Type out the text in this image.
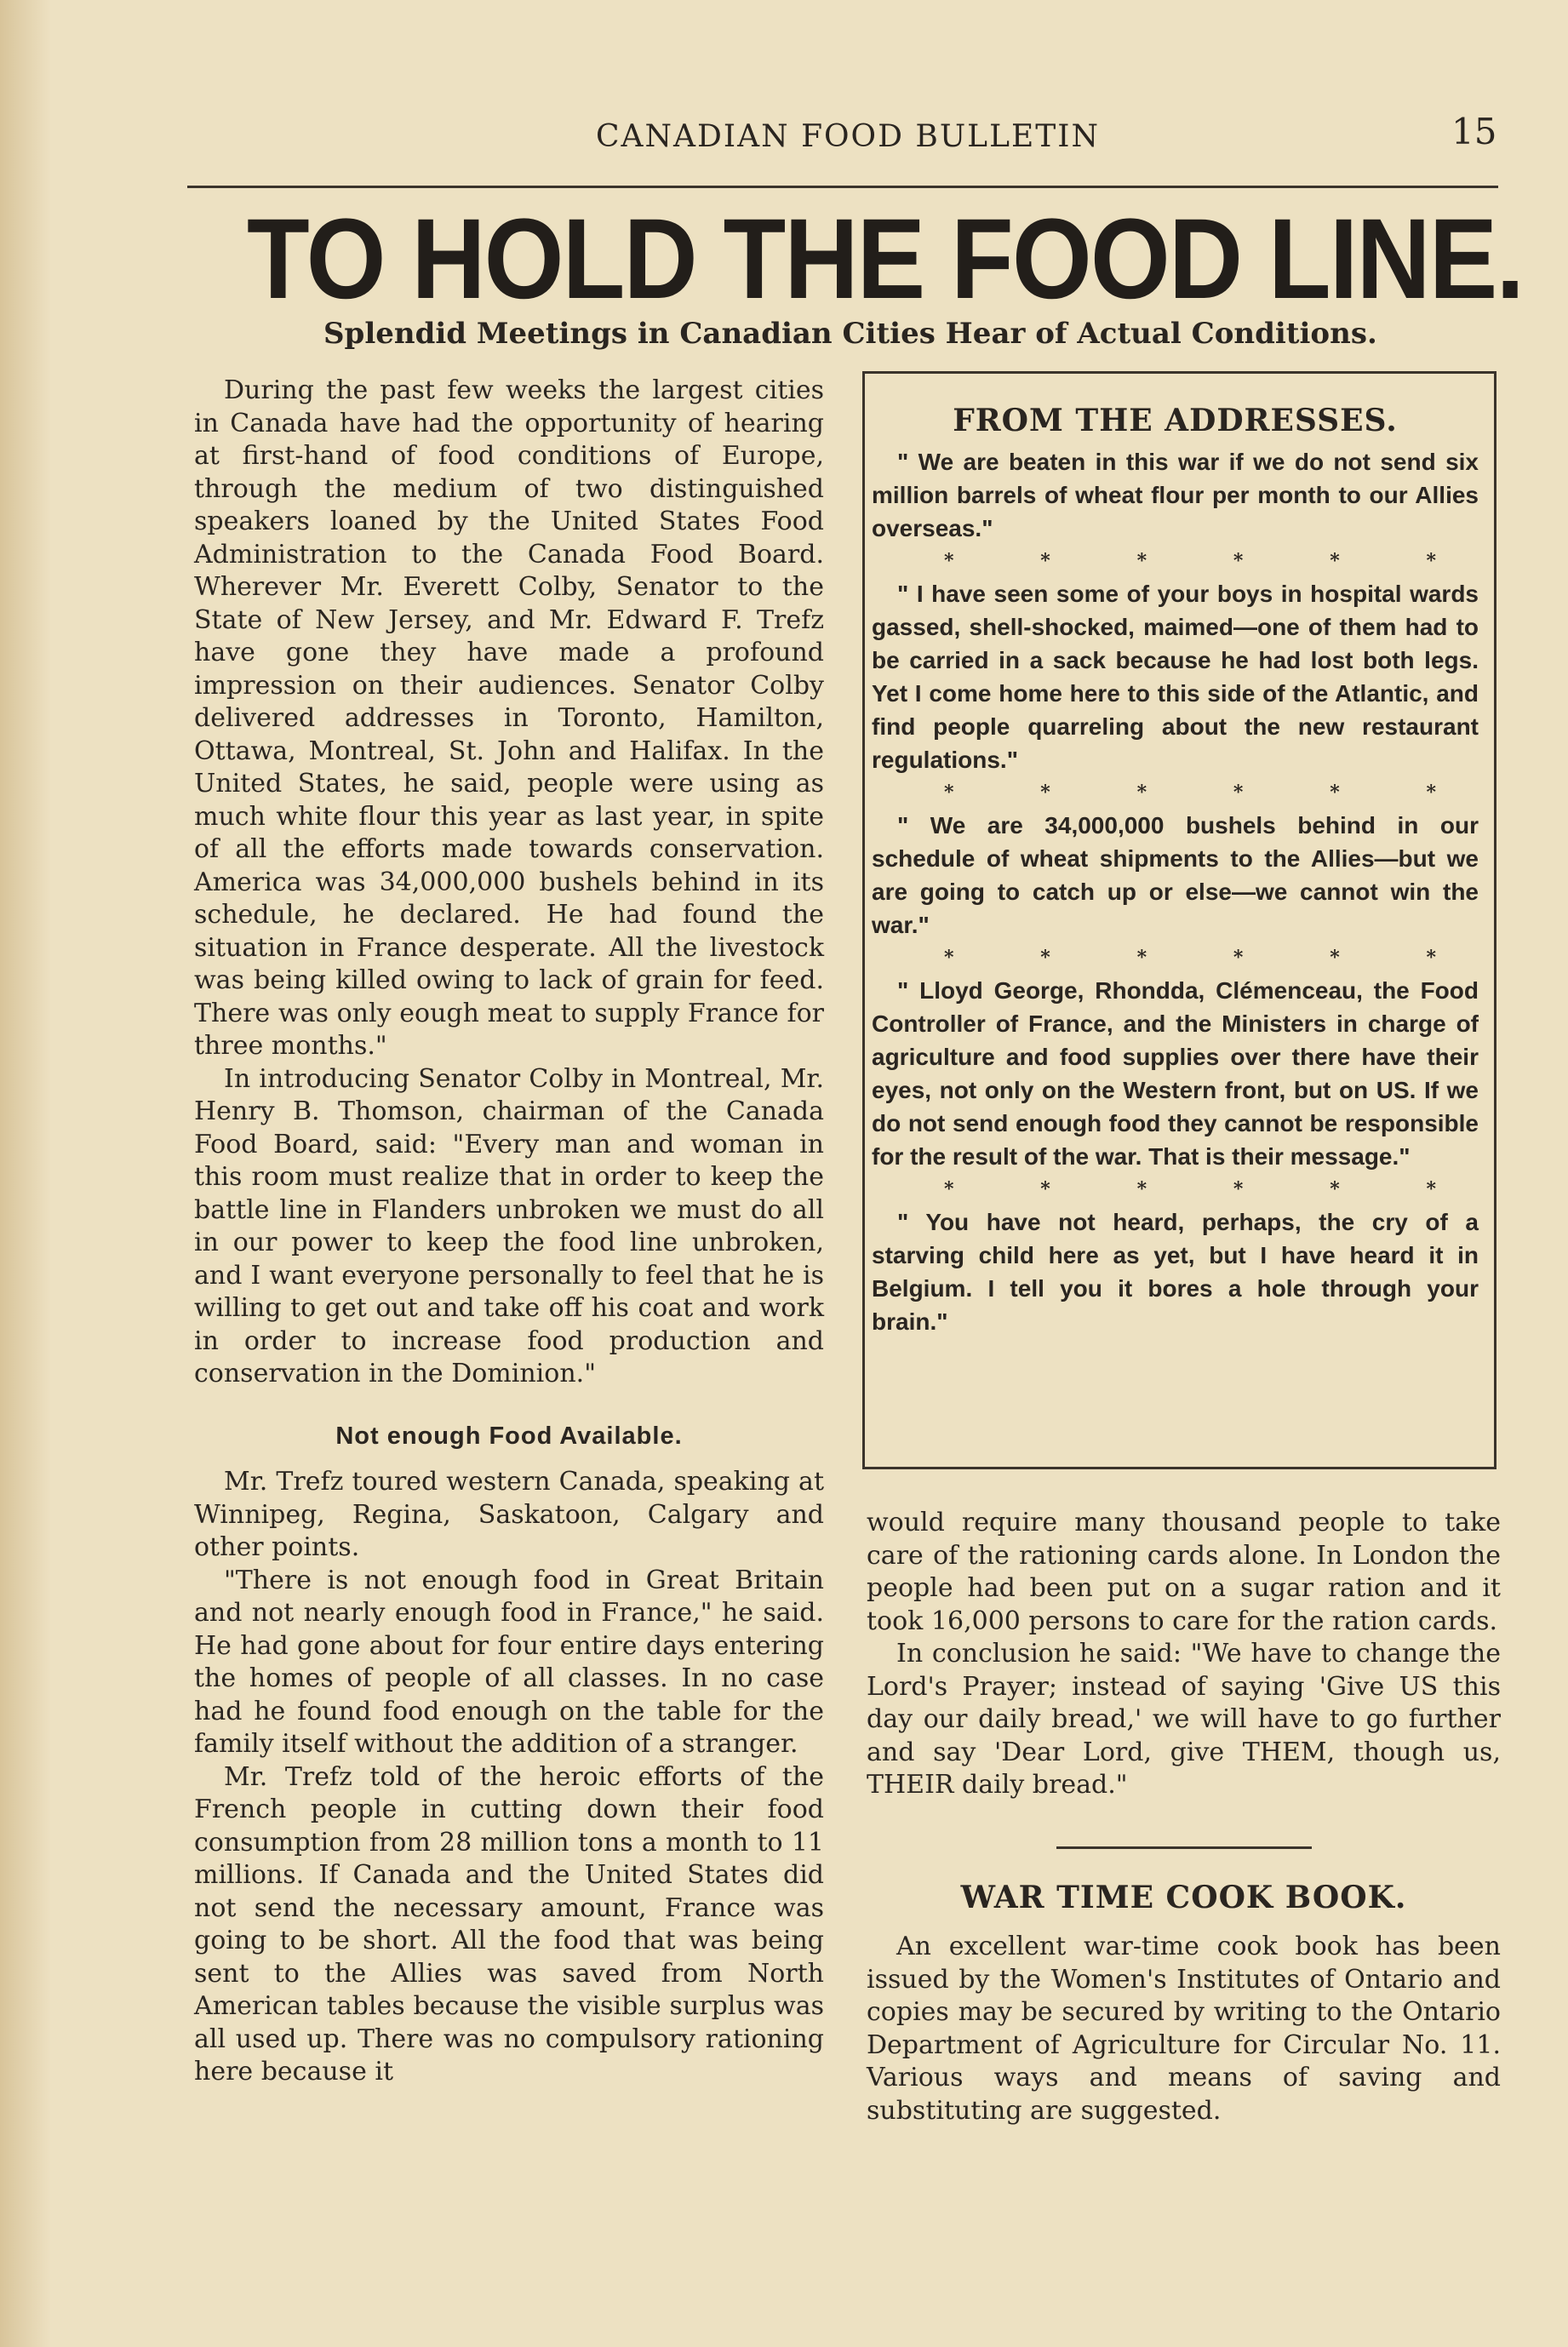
CANADIAN FOOD BULLETIN	15
TO HOLD THE FOOD LINE.
Splendid Meetings in Canadian Cities Hear of Actual Conditions.

During the past few weeks the largest cities in Canada have had the opportunity of hearing at first-hand of food conditions of Europe, through the medium of two distinguished speakers loaned by the United States Food Administration to the Canada Food Board. Wherever Mr. Everett Colby, Senator to the State of New Jersey, and Mr. Edward F. Trefz have gone they have made a profound impression on their audiences. Senator Colby delivered addresses in Toronto, Hamilton, Ottawa, Montreal, St. John and Halifax. In the United States, he said, people were using as much white flour this year as last year, in spite of all the efforts made towards conservation. America was 34,000,000 bushels behind in its schedule, he declared. He had found the situation in France desperate. All the livestock was being killed owing to lack of grain for feed. There was only eough meat to supply France for three months."

In introducing Senator Colby in Montreal, Mr. Henry B. Thomson, chairman of the Canada Food Board, said: "Every man and woman in this room must realize that in order to keep the battle line in Flanders unbroken we must do all in our power to keep the food line unbroken, and I want everyone personally to feel that he is willing to get out and take off his coat and work in order to increase food production and conservation in the Dominion."

Not enough Food Available.

Mr. Trefz toured western Canada, speaking at Winnipeg, Regina, Saskatoon, Calgary and other points.

"There is not enough food in Great Britain and not nearly enough food in France," he said. He had gone about for four entire days entering the homes of people of all classes. In no case had he found food enough on the table for the family itself without the addition of a stranger.

Mr. Trefz told of the heroic efforts of the French people in cutting down their food consumption from 28 million tons a month to 11 millions. If Canada and the United States did not send the necessary amount, France was going to be short. All the food that was being sent to the Allies was saved from North American tables because the visible surplus was all used up. There was no compulsory rationing here because it

FROM THE ADDRESSES.

" We are beaten in this war if we do not send six million barrels of wheat flour per month to our Allies overseas."

*	*	*	*	*	*

" I have seen some of your boys in hospital wards gassed, shell-shocked, maimed—one of them had to be carried in a sack because he had lost both legs. Yet I come home here to this side of the Atlantic, and find people quarreling about the new restaurant regulations."

*	*	*	*	*	*

" We are 34,000,000 bushels behind in our schedule of wheat shipments to the Allies—but we are going to catch up or else—we cannot win the war."

*	*	*	*	*	*

" Lloyd George, Rhondda, Clémenceau, the Food Controller of France, and the Ministers in charge of agriculture and food supplies over there have their eyes, not only on the Western front, but on US. If we do not send enough food they cannot be responsible for the result of the war. That is their message."

*	*	*	*	*	*

" You have not heard, perhaps, the cry of a starving child here as yet, but I have heard it in Belgium. I tell you it bores a hole through your brain."

would require many thousand people to take care of the rationing cards alone. In London the people had been put on a sugar ration and it took 16,000 persons to care for the ration cards.

In conclusion he said: "We have to change the Lord's Prayer; instead of saying 'Give US this day our daily bread,' we will have to go further and say 'Dear Lord, give THEM, though us, THEIR daily bread."

WAR TIME COOK BOOK.

An excellent war-time cook book has been issued by the Women's Institutes of Ontario and copies may be secured by writing to the Ontario Department of Agriculture for Circular No. 11. Various ways and means of saving and substituting are suggested.
